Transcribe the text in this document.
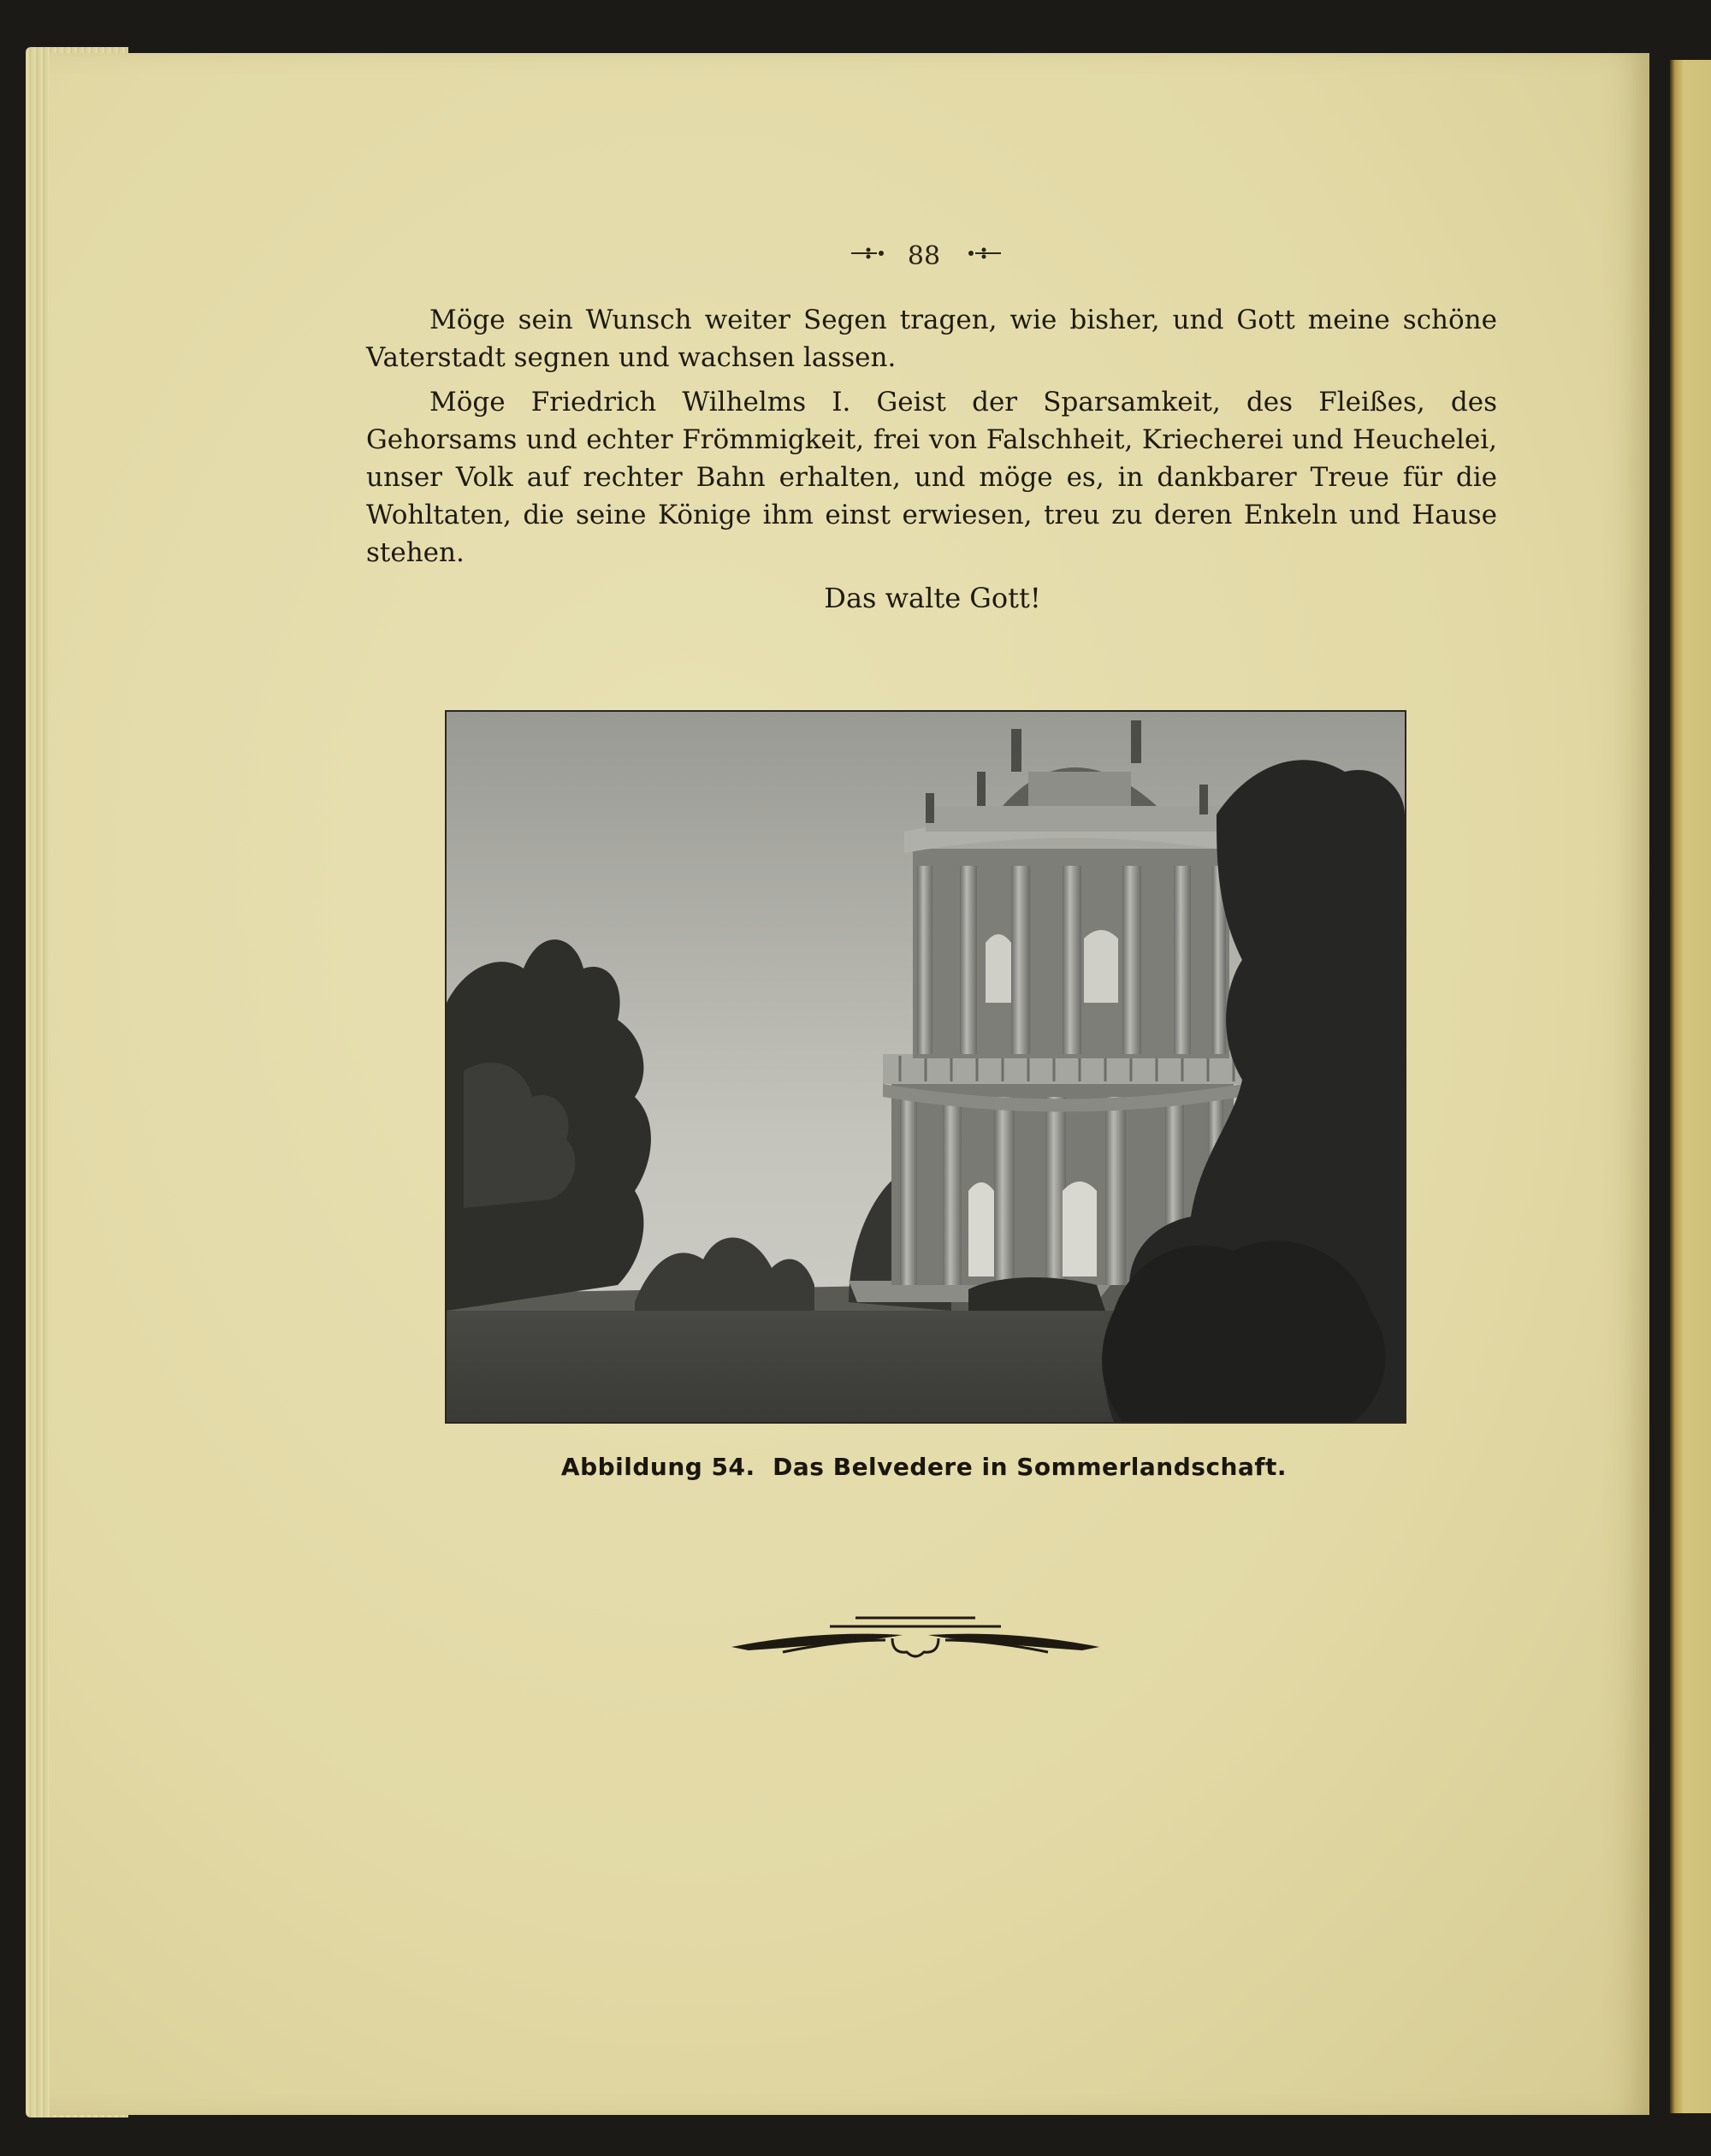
88

Möge sein Wunsch weiter Segen tragen, wie bisher, und Gott meine schöne Vaterstadt segnen und wachsen lassen.

Möge Friedrich Wilhelms I. Geist der Sparsamkeit, des Fleißes, des Gehorsams und echter Frömmigkeit, frei von Falschheit, Kriecherei und Heuchelei, unser Volk auf rechter Bahn erhalten, und möge es, in dankbarer Treue für die Wohltaten, die seine Könige ihm einst erwiesen, treu zu deren Enkeln und Hause stehen.

Das walte Gott!
Abbildung 54. Das Belvedere in Sommerlandschaft.
